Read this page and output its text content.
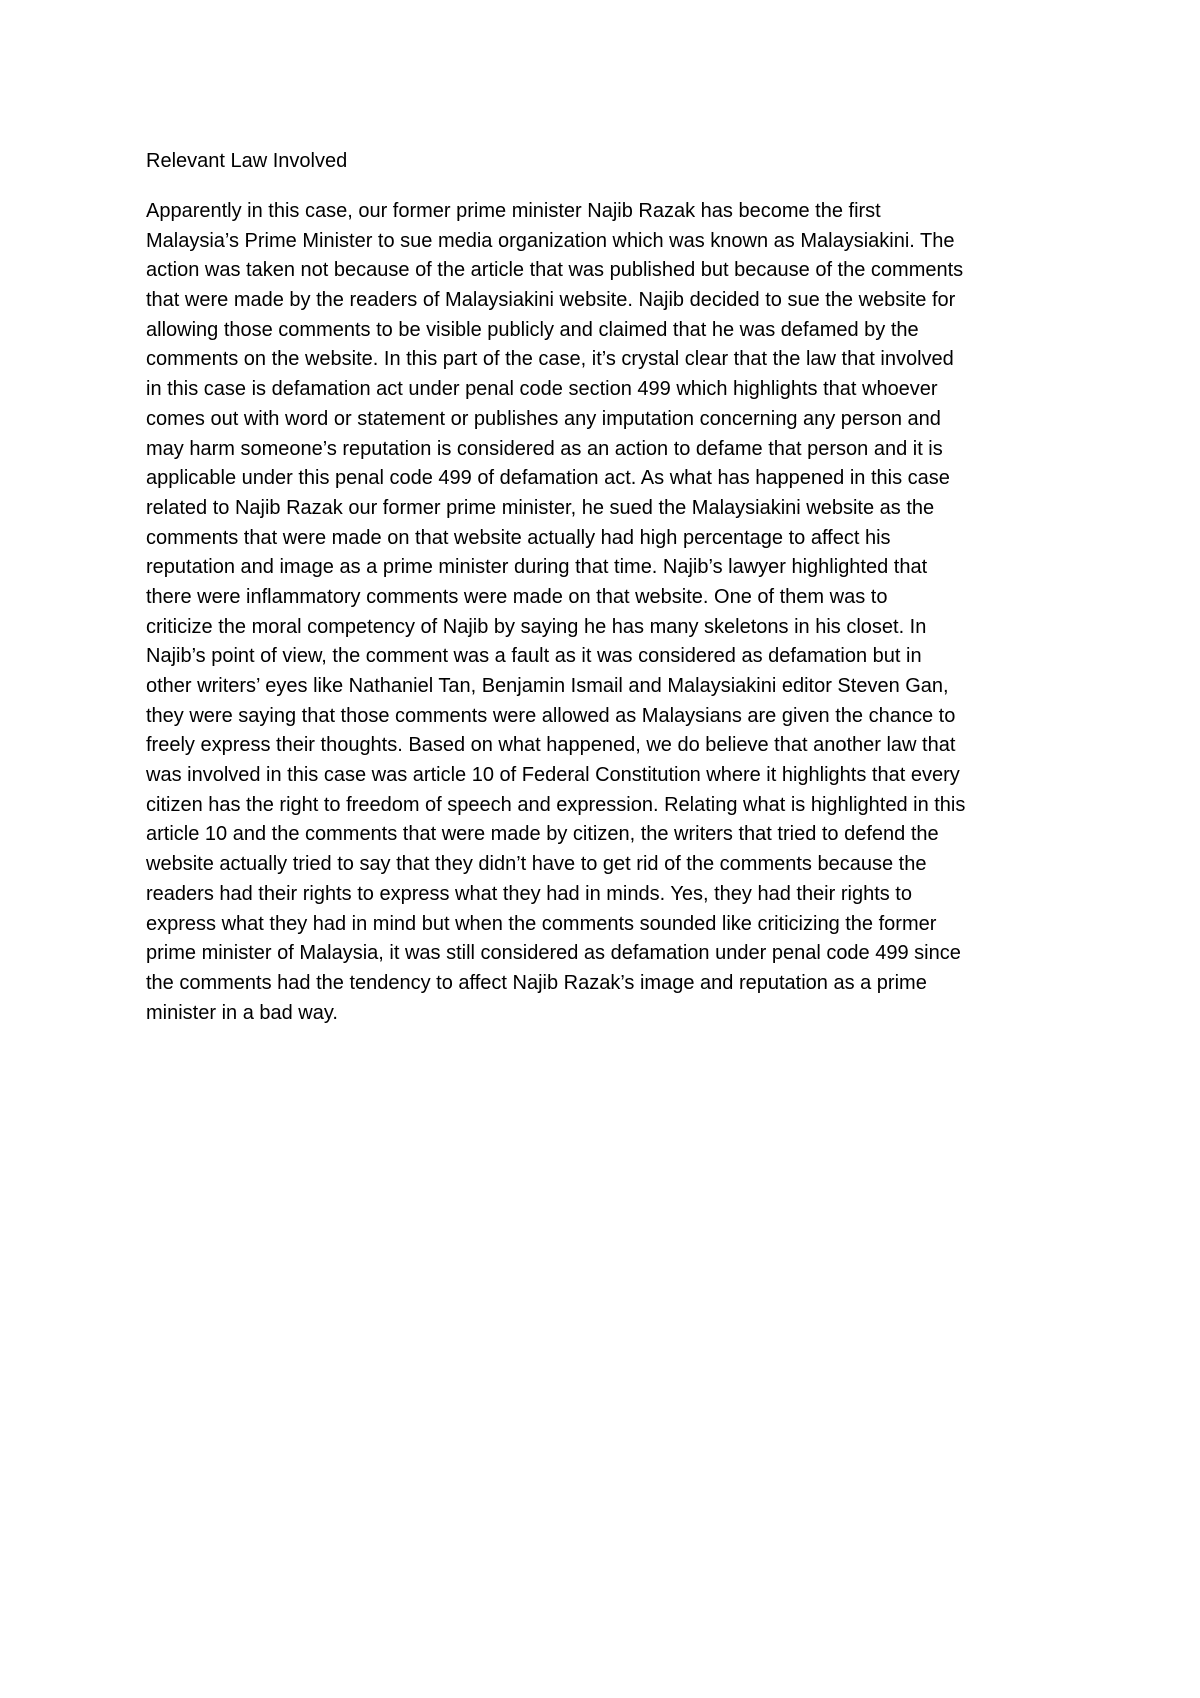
Relevant Law Involved
Apparently in this case, our former prime minister Najib Razak has become the first
Malaysia’s Prime Minister to sue media organization which was known as Malaysiakini. The
action was taken not because of the article that was published but because of the comments
that were made by the readers of Malaysiakini website. Najib decided to sue the website for
allowing those comments to be visible publicly and claimed that he was defamed by the
comments on the website. In this part of the case, it’s crystal clear that the law that involved
in this case is defamation act under penal code section 499 which highlights that whoever
comes out with word or statement or publishes any imputation concerning any person and
may harm someone’s reputation is considered as an action to defame that person and it is
applicable under this penal code 499 of defamation act. As what has happened in this case
related to Najib Razak our former prime minister, he sued the Malaysiakini website as the
comments that were made on that website actually had high percentage to affect his
reputation and image as a prime minister during that time. Najib’s lawyer highlighted that
there were inflammatory comments were made on that website. One of them was to
criticize the moral competency of Najib by saying he has many skeletons in his closet. In
Najib’s point of view, the comment was a fault as it was considered as defamation but in
other writers’ eyes like Nathaniel Tan, Benjamin Ismail and Malaysiakini editor Steven Gan,
they were saying that those comments were allowed as Malaysians are given the chance to
freely express their thoughts. Based on what happened, we do believe that another law that
was involved in this case was article 10 of Federal Constitution where it highlights that every
citizen has the right to freedom of speech and expression. Relating what is highlighted in this
article 10 and the comments that were made by citizen, the writers that tried to defend the
website actually tried to say that they didn’t have to get rid of the comments because the
readers had their rights to express what they had in minds. Yes, they had their rights to
express what they had in mind but when the comments sounded like criticizing the former
prime minister of Malaysia, it was still considered as defamation under penal code 499 since
the comments had the tendency to affect Najib Razak’s image and reputation as a prime
minister in a bad way.
